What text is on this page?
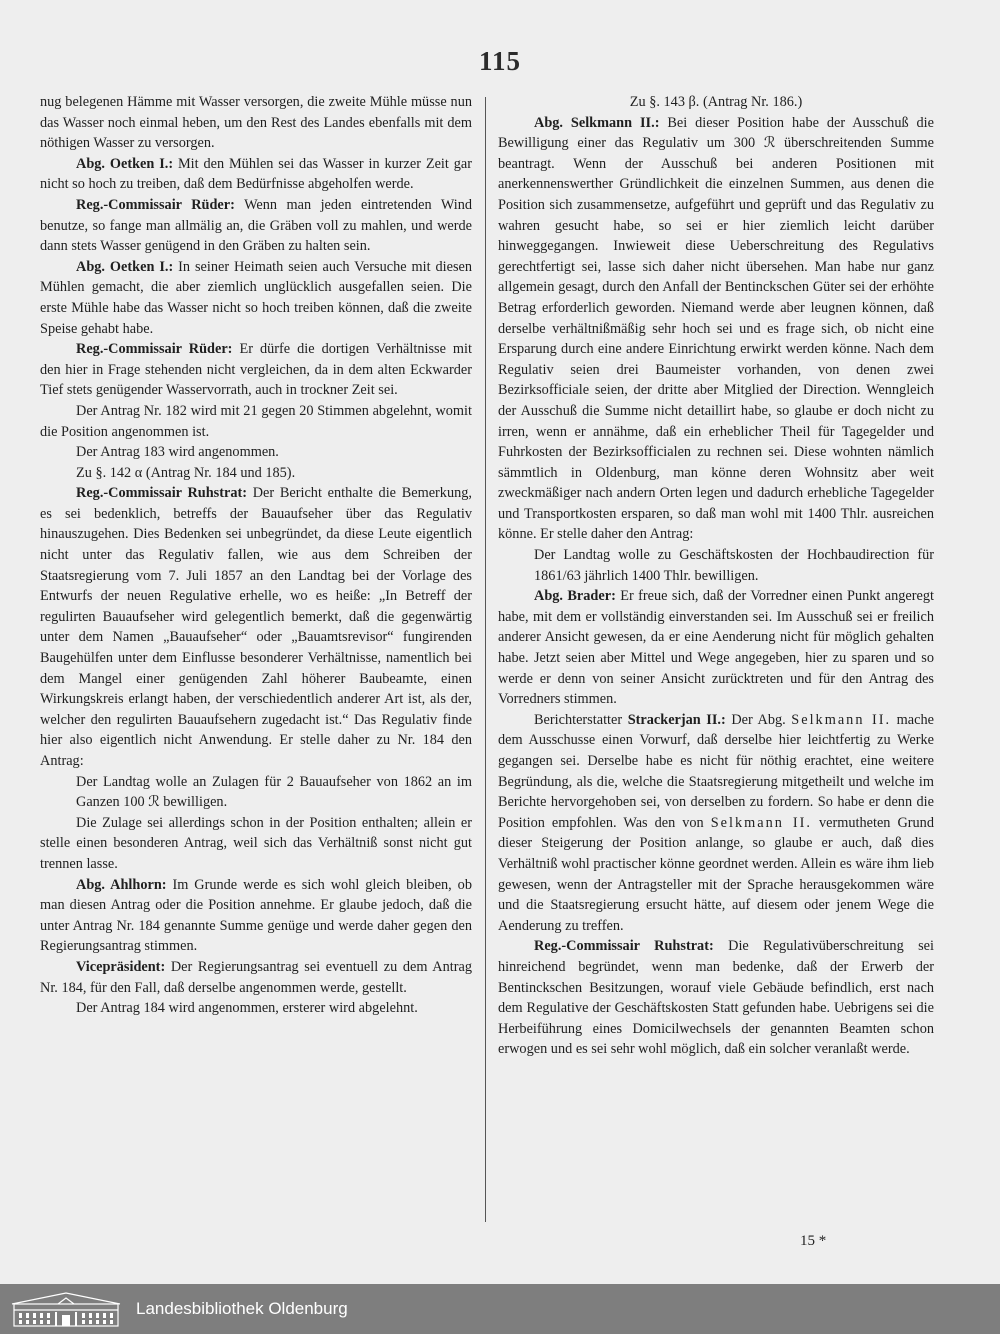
115

nug belegenen Hämme mit Wasser versorgen, die zweite Mühle müsse nun das Wasser noch einmal heben, um den Rest des Landes ebenfalls mit dem nöthigen Wasser zu versorgen.

Abg. Oetken I.: Mit den Mühlen sei das Wasser in kurzer Zeit gar nicht so hoch zu treiben, daß dem Bedürfnisse abgeholfen werde.

Reg.-Commissair Rüder: Wenn man jeden eintretenden Wind benutze, so fange man allmälig an, die Gräben voll zu mahlen, und werde dann stets Wasser genügend in den Gräben zu halten sein.

Abg. Oetken I.: In seiner Heimath seien auch Versuche mit diesen Mühlen gemacht, die aber ziemlich unglücklich ausgefallen seien. Die erste Mühle habe das Wasser nicht so hoch treiben können, daß die zweite Speise gehabt habe.

Reg.-Commissair Rüder: Er dürfe die dortigen Verhältnisse mit den hier in Frage stehenden nicht vergleichen, da in dem alten Eckwarder Tief stets genügender Wasservorrath, auch in trockner Zeit sei.

Der Antrag Nr. 182 wird mit 21 gegen 20 Stimmen abgelehnt, womit die Position angenommen ist.

Der Antrag 183 wird angenommen.

Zu §. 142 α (Antrag Nr. 184 und 185).

Reg.-Commissair Ruhstrat: Der Bericht enthalte die Bemerkung, es sei bedenklich, betreffs der Bauaufseher über das Regulativ hinauszugehen. Dies Bedenken sei unbegründet, da diese Leute eigentlich nicht unter das Regulativ fallen, wie aus dem Schreiben der Staatsregierung vom 7. Juli 1857 an den Landtag bei der Vorlage des Entwurfs der neuen Regulative erhelle, wo es heiße: „In Betreff der regulirten Bauaufseher wird gelegentlich bemerkt, daß die gegenwärtig unter dem Namen „Bauaufseher“ oder „Bauamtsrevisor“ fungirenden Baugehülfen unter dem Einflusse besonderer Verhältnisse, namentlich bei dem Mangel einer genügenden Zahl höherer Baubeamte, einen Wirkungskreis erlangt haben, der verschiedentlich anderer Art ist, als der, welcher den regulirten Bauaufsehern zugedacht ist.“ Das Regulativ finde hier also eigentlich nicht Anwendung. Er stelle daher zu Nr. 184 den Antrag:

Der Landtag wolle an Zulagen für 2 Bauaufseher von 1862 an im Ganzen 100 ℛ bewilligen.

Die Zulage sei allerdings schon in der Position enthalten; allein er stelle einen besonderen Antrag, weil sich das Verhältniß sonst nicht gut trennen lasse.

Abg. Ahlhorn: Im Grunde werde es sich wohl gleich bleiben, ob man diesen Antrag oder die Position annehme. Er glaube jedoch, daß die unter Antrag Nr. 184 genannte Summe genüge und werde daher gegen den Regierungsantrag stimmen.

Vicepräsident: Der Regierungsantrag sei eventuell zu dem Antrag Nr. 184, für den Fall, daß derselbe angenommen werde, gestellt.

Der Antrag 184 wird angenommen, ersterer wird abgelehnt.

Zu §. 143 β. (Antrag Nr. 186.)

Abg. Selkmann II.: Bei dieser Position habe der Ausschuß die Bewilligung einer das Regulativ um 300 ℛ überschreitenden Summe beantragt. Wenn der Ausschuß bei anderen Positionen mit anerkennenswerther Gründlichkeit die einzelnen Summen, aus denen die Position sich zusammensetze, aufgeführt und geprüft und das Regulativ zu wahren gesucht habe, so sei er hier ziemlich leicht darüber hinweggegangen. Inwieweit diese Ueberschreitung des Regulativs gerechtfertigt sei, lasse sich daher nicht übersehen. Man habe nur ganz allgemein gesagt, durch den Anfall der Bentinckschen Güter sei der erhöhte Betrag erforderlich geworden. Niemand werde aber leugnen können, daß derselbe verhältnißmäßig sehr hoch sei und es frage sich, ob nicht eine Ersparung durch eine andere Einrichtung erwirkt werden könne. Nach dem Regulativ seien drei Baumeister vorhanden, von denen zwei Bezirksofficiale seien, der dritte aber Mitglied der Direction. Wenngleich der Ausschuß die Summe nicht detaillirt habe, so glaube er doch nicht zu irren, wenn er annähme, daß ein erheblicher Theil für Tagegelder und Fuhrkosten der Bezirksofficialen zu rechnen sei. Diese wohnten nämlich sämmtlich in Oldenburg, man könne deren Wohnsitz aber weit zweckmäßiger nach andern Orten legen und dadurch erhebliche Tagegelder und Transportkosten ersparen, so daß man wohl mit 1400 Thlr. ausreichen könne. Er stelle daher den Antrag:

Der Landtag wolle zu Geschäftskosten der Hochbaudirection für 1861/63 jährlich 1400 Thlr. bewilligen.

Abg. Brader: Er freue sich, daß der Vorredner einen Punkt angeregt habe, mit dem er vollständig einverstanden sei. Im Ausschuß sei er freilich anderer Ansicht gewesen, da er eine Aenderung nicht für möglich gehalten habe. Jetzt seien aber Mittel und Wege angegeben, hier zu sparen und so werde er denn von seiner Ansicht zurücktreten und für den Antrag des Vorredners stimmen.

Berichterstatter Strackerjan II.: Der Abg. Selkmann II. mache dem Ausschusse einen Vorwurf, daß derselbe hier leichtfertig zu Werke gegangen sei. Derselbe habe es nicht für nöthig erachtet, eine weitere Begründung, als die, welche die Staatsregierung mitgetheilt und welche im Berichte hervorgehoben sei, von derselben zu fordern. So habe er denn die Position empfohlen. Was den von Selkmann II. vermutheten Grund dieser Steigerung der Position anlange, so glaube er auch, daß dies Verhältniß wohl practischer könne geordnet werden. Allein es wäre ihm lieb gewesen, wenn der Antragsteller mit der Sprache herausgekommen wäre und die Staatsregierung ersucht hätte, auf diesem oder jenem Wege die Aenderung zu treffen.

Reg.-Commissair Ruhstrat: Die Regulativüberschreitung sei hinreichend begründet, wenn man bedenke, daß der Erwerb der Bentinckschen Besitzungen, worauf viele Gebäude befindlich, erst nach dem Regulative der Geschäftskosten Statt gefunden habe. Uebrigens sei die Herbeiführung eines Domicilwechsels der genannten Beamten schon erwogen und es sei sehr wohl möglich, daß ein solcher veranlaßt werde.

15 *
Landesbibliothek Oldenburg
